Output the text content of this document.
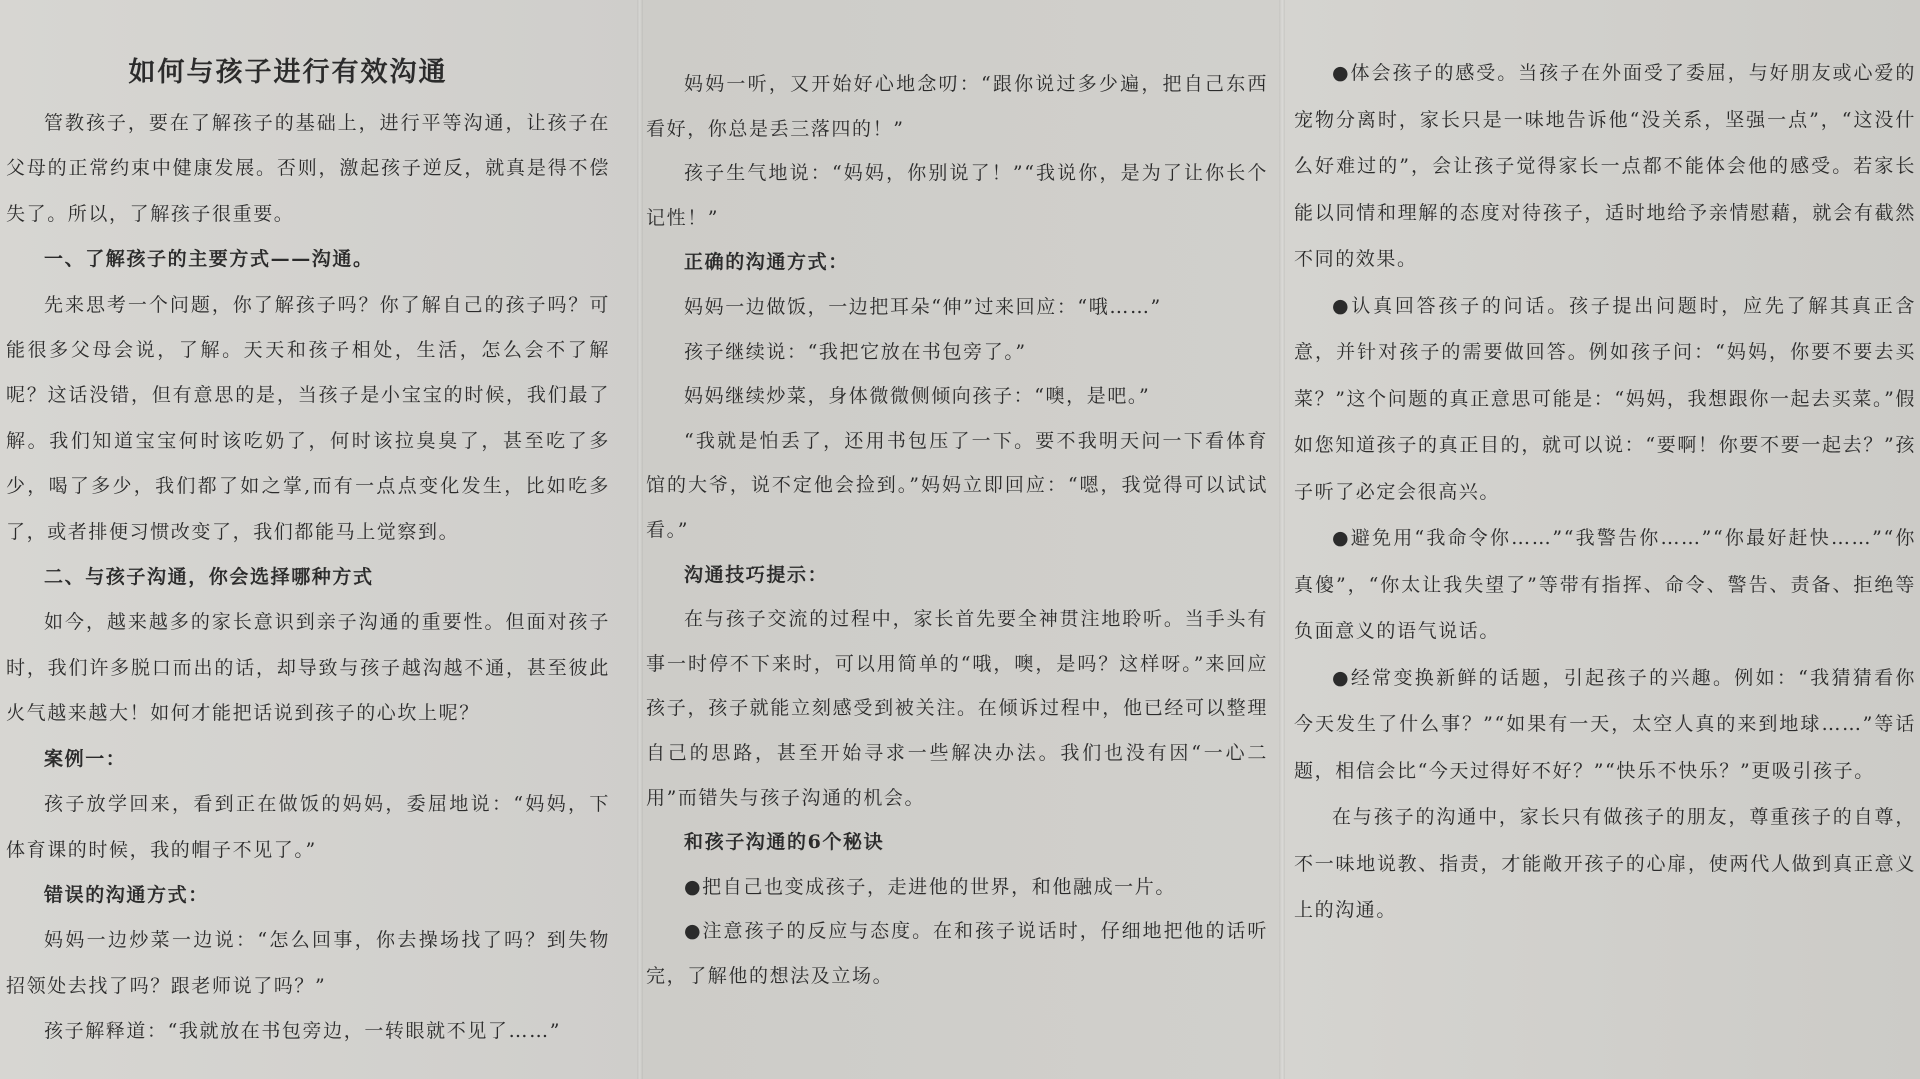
如何与孩子进行有效沟通

管教孩子，要在了解孩子的基础上，进行平等沟通，让孩子在父母的正常约束中健康发展。否则，激起孩子逆反，就真是得不偿失了。所以，了解孩子很重要。

一、了解孩子的主要方式——沟通。

先来思考一个问题，你了解孩子吗？你了解自己的孩子吗？可能很多父母会说，了解。天天和孩子相处，生活，怎么会不了解呢？这话没错，但有意思的是，当孩子是小宝宝的时候，我们最了解。我们知道宝宝何时该吃奶了，何时该拉臭臭了，甚至吃了多少，喝了多少，我们都了如之掌,而有一点点变化发生，比如吃多了，或者排便习惯改变了，我们都能马上觉察到。

二、与孩子沟通，你会选择哪种方式

如今，越来越多的家长意识到亲子沟通的重要性。但面对孩子时，我们许多脱口而出的话，却导致与孩子越沟越不通，甚至彼此火气越来越大！如何才能把话说到孩子的心坎上呢？

案例一：

孩子放学回来，看到正在做饭的妈妈，委屈地说：“妈妈，下体育课的时候，我的帽子不见了。”

错误的沟通方式：

妈妈一边炒菜一边说：“怎么回事，你去操场找了吗？到失物招领处去找了吗？跟老师说了吗？”

孩子解释道：“我就放在书包旁边，一转眼就不见了……”

妈妈一听，又开始好心地念叨：“跟你说过多少遍，把自己东西看好，你总是丢三落四的！”

孩子生气地说：“妈妈，你别说了！”“我说你，是为了让你长个记性！”

正确的沟通方式：

妈妈一边做饭，一边把耳朵“伸”过来回应：“哦……”

孩子继续说：“我把它放在书包旁了。”

妈妈继续炒菜，身体微微侧倾向孩子：“噢，是吧。”

“我就是怕丢了，还用书包压了一下。要不我明天问一下看体育馆的大爷，说不定他会捡到。”妈妈立即回应：“嗯，我觉得可以试试看。”

沟通技巧提示：

在与孩子交流的过程中，家长首先要全神贯注地聆听。当手头有事一时停不下来时，可以用简单的“哦，噢，是吗？这样呀。”来回应孩子，孩子就能立刻感受到被关注。在倾诉过程中，他已经可以整理自己的思路，甚至开始寻求一些解决办法。我们也没有因“一心二用”而错失与孩子沟通的机会。

和孩子沟通的6个秘诀

●把自己也变成孩子，走进他的世界，和他融成一片。

●注意孩子的反应与态度。在和孩子说话时，仔细地把他的话听完，了解他的想法及立场。

●体会孩子的感受。当孩子在外面受了委屈，与好朋友或心爱的宠物分离时，家长只是一味地告诉他“没关系，坚强一点”，“这没什么好难过的”，会让孩子觉得家长一点都不能体会他的感受。若家长能以同情和理解的态度对待孩子，适时地给予亲情慰藉，就会有截然不同的效果。

●认真回答孩子的问话。孩子提出问题时，应先了解其真正含意，并针对孩子的需要做回答。例如孩子问：“妈妈，你要不要去买菜？”这个问题的真正意思可能是：“妈妈，我想跟你一起去买菜。”假如您知道孩子的真正目的，就可以说：“要啊！你要不要一起去？”孩子听了必定会很高兴。

●避免用“我命令你……”“我警告你……”“你最好赶快……”“你真傻”，“你太让我失望了”等带有指挥、命令、警告、责备、拒绝等负面意义的语气说话。

●经常变换新鲜的话题，引起孩子的兴趣。例如：“我猜猜看你今天发生了什么事？”“如果有一天，太空人真的来到地球……”等话题，相信会比“今天过得好不好？”“快乐不快乐？”更吸引孩子。

在与孩子的沟通中，家长只有做孩子的朋友，尊重孩子的自尊，不一味地说教、指责，才能敞开孩子的心扉，使两代人做到真正意义上的沟通。
